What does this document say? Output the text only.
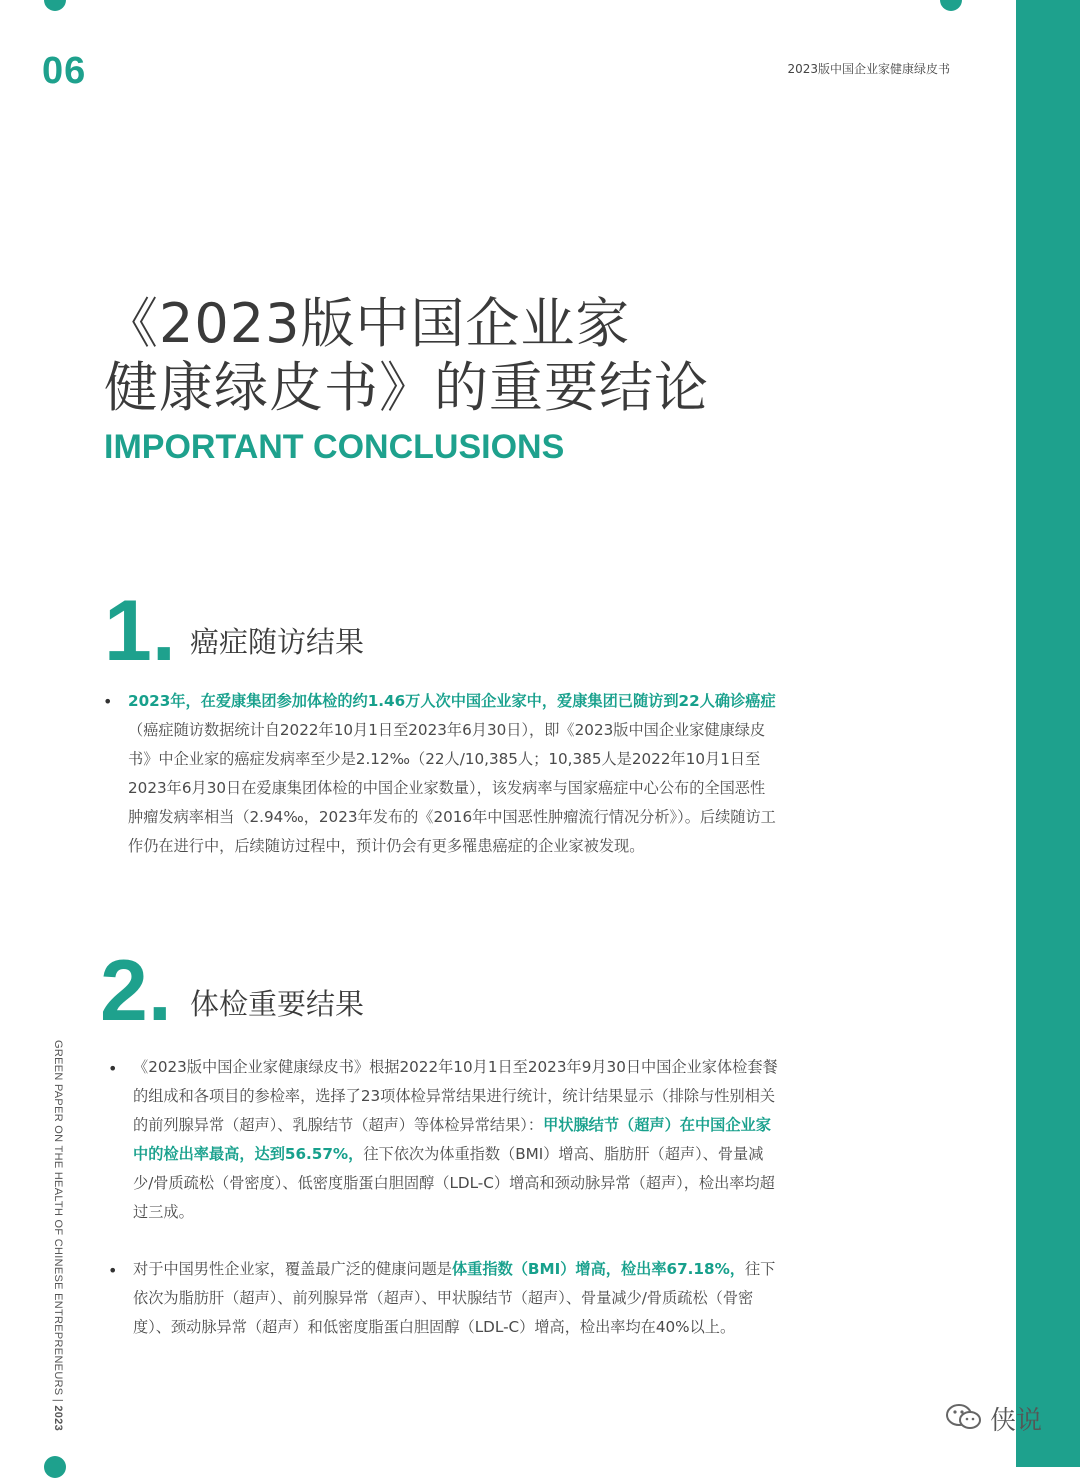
06	2023版中国企业家健康绿皮书
《2023版中国企业家
健康绿皮书》的重要结论
IMPORTANT CONCLUSIONS
1. 癌症随访结果
• 2023年，在爱康集团参加体检的约1.46万人次中国企业家中，爱康集团已随访到22人确诊癌症（癌症随访数据统计自2022年10月1日至2023年6月30日），即《2023版中国企业家健康绿皮书》中企业家的癌症发病率至少是2.12‰（22人/10,385人；10,385人是2022年10月1日至2023年6月30日在爱康集团体检的中国企业家数量），该发病率与国家癌症中心公布的全国恶性肿瘤发病率相当（2.94‰，2023年发布的《2016年中国恶性肿瘤流行情况分析》）。后续随访工作仍在进行中，后续随访过程中，预计仍会有更多罹患癌症的企业家被发现。
2. 体检重要结果
• 《2023版中国企业家健康绿皮书》根据2022年10月1日至2023年9月30日中国企业家体检套餐的组成和各项目的参检率，选择了23项体检异常结果进行统计，统计结果显示（排除与性别相关的前列腺异常（超声）、乳腺结节（超声）等体检异常结果）：甲状腺结节（超声）在中国企业家中的检出率最高，达到56.57%，往下依次为体重指数（BMI）增高、脂肪肝（超声）、骨量减少/骨质疏松（骨密度）、低密度脂蛋白胆固醇（LDL-C）增高和颈动脉异常（超声），检出率均超过三成。
• 对于中国男性企业家，覆盖最广泛的健康问题是体重指数（BMI）增高，检出率67.18%，往下依次为脂肪肝（超声）、前列腺异常（超声）、甲状腺结节（超声）、骨量减少/骨质疏松（骨密度）、颈动脉异常（超声）和低密度脂蛋白胆固醇（LDL-C）增高，检出率均在40%以上。
GREEN PAPER ON THE HEALTH OF CHINESE ENTREPRENEURS | 2023	侠说
